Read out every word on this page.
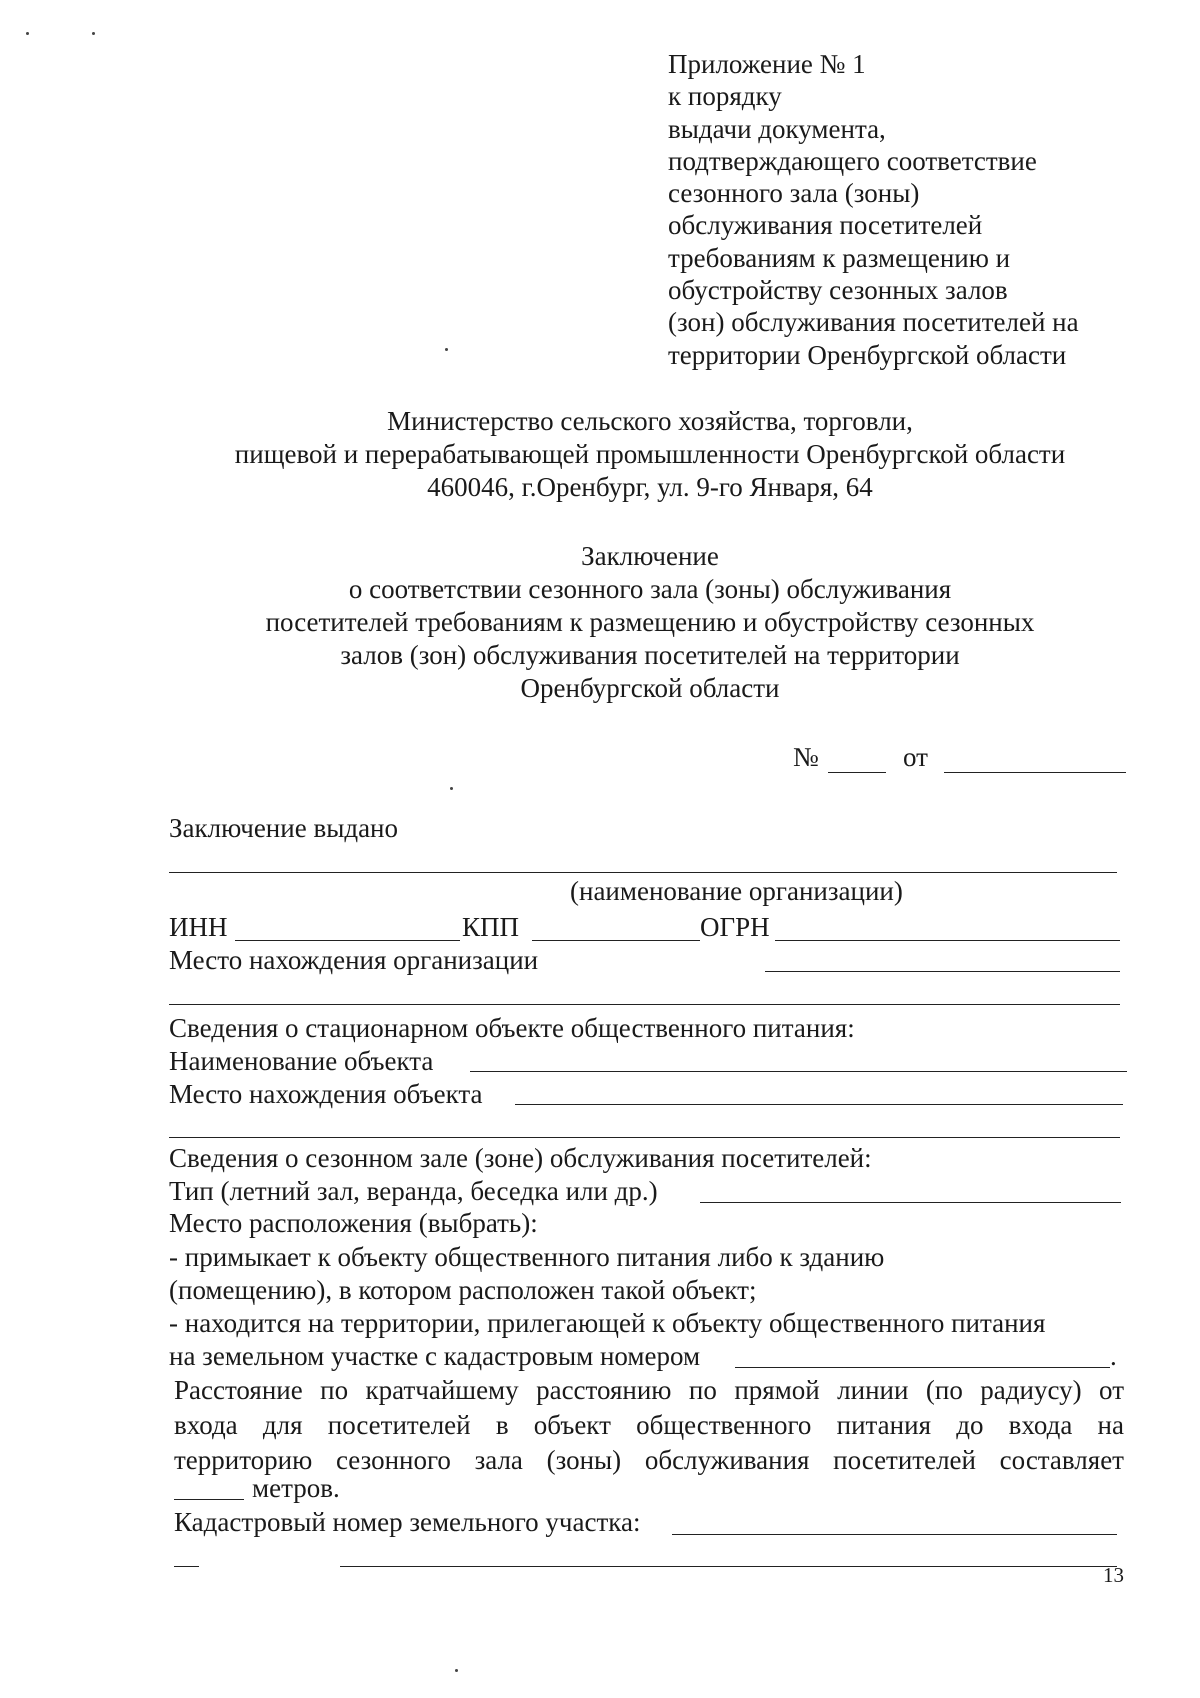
Приложение № 1
к порядку
выдачи документа,
подтверждающего соответствие
сезонного зала (зоны)
обслуживания посетителей
требованиям к размещению и
обустройству сезонных залов
(зон) обслуживания посетителей на
территории Оренбургской области
Министерство сельского хозяйства, торговли,
пищевой и перерабатывающей промышленности Оренбургской области
460046, г.Оренбург, ул. 9-го Января, 64
Заключение
о соответствии сезонного зала (зоны) обслуживания
посетителей требованиям к размещению и обустройству сезонных
залов (зон) обслуживания посетителей на территории
Оренбургской области
№	от
Заключение выдано
(наименование организации)
ИНН	КПП	ОГРН
Место нахождения организации
Сведения о стационарном объекте общественного питания:
Наименование объекта
Место нахождения объекта
Сведения о сезонном зале (зоне) обслуживания посетителей:
Тип (летний зал, веранда, беседка или др.)
Место расположения (выбрать):
- примыкает к объекту общественного питания либо к зданию
(помещению), в котором расположен такой объект;
- находится на территории, прилегающей к объекту общественного питания
на земельном участке с кадастровым номером	.
Расстояние по кратчайшему расстоянию по прямой линии (по радиусу) от
входа для посетителей в объект общественного питания до входа на
территорию сезонного зала (зоны) обслуживания посетителей составляет
метров.
Кадастровый номер земельного участка:
13
